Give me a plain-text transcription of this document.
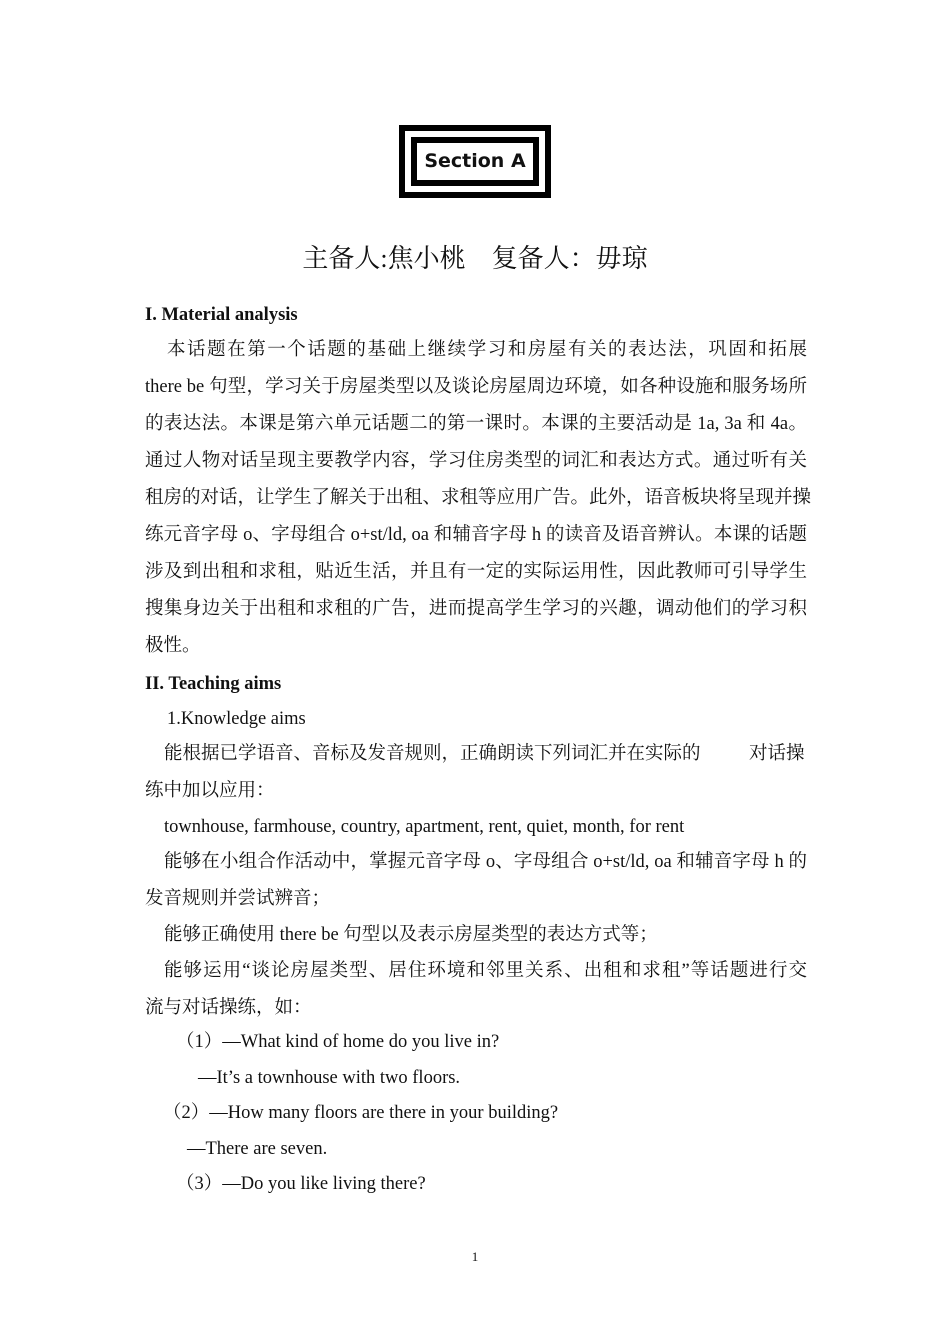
Section A
主备人:焦小桃    复备人：毋琼
I. Material analysis
本话题在第一个话题的基础上继续学习和房屋有关的表达法，巩固和拓展
there be 句型，学习关于房屋类型以及谈论房屋周边环境，如各种设施和服务场所
的表达法。本课是第六单元话题二的第一课时。本课的主要活动是 1a, 3a 和 4a。
通过人物对话呈现主要教学内容，学习住房类型的词汇和表达方式。通过听有关
租房的对话，让学生了解关于出租、求租等应用广告。此外，语音板块将呈现并操
练元音字母 o、字母组合 o+st/ld, oa 和辅音字母 h 的读音及语音辨认。本课的话题
涉及到出租和求租，贴近生活，并且有一定的实际运用性，因此教师可引导学生
搜集身边关于出租和求租的广告，进而提高学生学习的兴趣，调动他们的学习积
极性。
II. Teaching aims
1.Knowledge aims
能根据已学语音、音标及发音规则，正确朗读下列词汇并在实际的	对话操
练中加以应用：
townhouse, farmhouse, country, apartment, rent, quiet, month, for rent
能够在小组合作活动中，掌握元音字母 o、字母组合 o+st/ld, oa 和辅音字母 h 的
发音规则并尝试辨音；
能够正确使用 there be 句型以及表示房屋类型的表达方式等；
能够运用“谈论房屋类型、居住环境和邻里关系、出租和求租”等话题进行交
流与对话操练，如：
（1）—What kind of home do you live in?
—It’s a townhouse with two floors.
（2）—How many floors are there in your building?
—There are seven.
（3）—Do you like living there?
1
